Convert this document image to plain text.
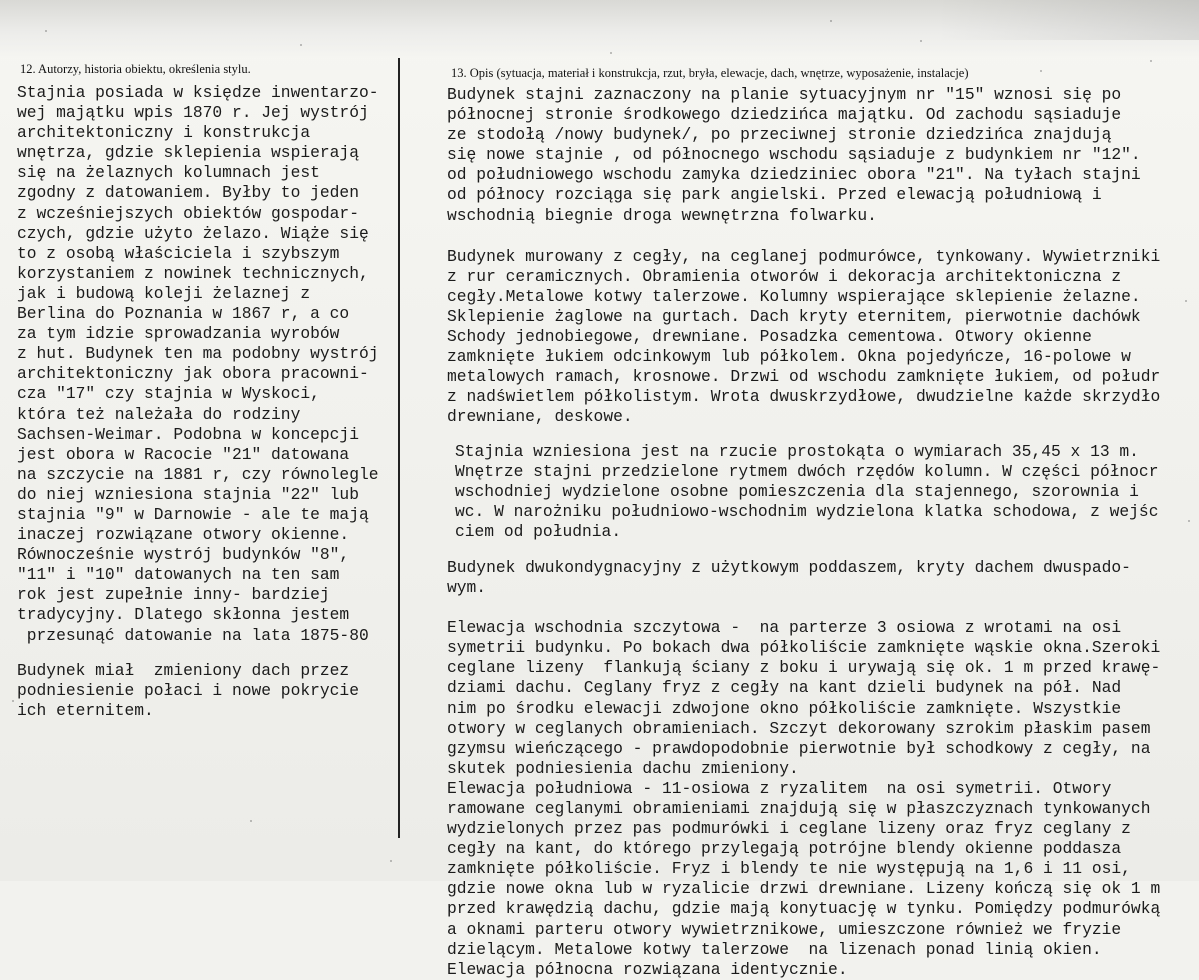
12. Autorzy, historia obiektu, określenia stylu.	13. Opis (sytuacja, materiał i konstrukcja, rzut, bryła, elewacje, dach, wnętrze, wyposażenie, instalacje)
Stajnia posiada w księdze inwentarzo-
wej majątku wpis 1870 r. Jej wystrój
architektoniczny i konstrukcja
wnętrza, gdzie sklepienia wspierają
się na żelaznych kolumnach jest
zgodny z datowaniem. Byłby to jeden
z wcześniejszych obiektów gospodar-
czych, gdzie użyto żelazo. Wiąże się
to z osobą właściciela i szybszym
korzystaniem z nowinek technicznych,
jak i budową koleji żelaznej z
Berlina do Poznania w 1867 r, a co
za tym idzie sprowadzania wyrobów
z hut. Budynek ten ma podobny wystrój
architektoniczny jak obora pracowni-
cza "17" czy stajnia w Wyskoci,
która też należała do rodziny
Sachsen-Weimar. Podobna w koncepcji
jest obora w Racocie "21" datowana
na szczycie na 1881 r, czy równolegle
do niej wzniesiona stajnia "22" lub
stajnia "9" w Darnowie - ale te mają
inaczej rozwiązane otwory okienne.
Równocześnie wystrój budynków "8",
"11" i "10" datowanych na ten sam
rok jest zupełnie inny- bardziej
tradycyjny. Dlatego skłonna jestem
przesunąć datowanie na lata 1875-80
Budynek miał  zmieniony dach przez
podniesienie połaci i nowe pokrycie
ich eternitem.
Budynek stajni zaznaczony na planie sytuacyjnym nr "15" wznosi się po
północnej stronie środkowego dziedzińca majątku. Od zachodu sąsiaduje
ze stodołą /nowy budynek/, po przeciwnej stronie dziedzińca znajdują
się nowe stajnie , od północnego wschodu sąsiaduje z budynkiem nr "12".
od południowego wschodu zamyka dziedziniec obora "21". Na tyłach stajni
od północy rozciąga się park angielski. Przed elewacją południową i
wschodnią biegnie droga wewnętrzna folwarku.
Budynek murowany z cegły, na ceglanej podmurówce, tynkowany. Wywietrzniki
z rur ceramicznych. Obramienia otworów i dekoracja architektoniczna z
cegły.Metalowe kotwy talerzowe. Kolumny wspierające sklepienie żelazne.
Sklepienie żaglowe na gurtach. Dach kryty eternitem, pierwotnie dachówk
Schody jednobiegowe, drewniane. Posadzka cementowa. Otwory okienne
zamknięte łukiem odcinkowym lub półkolem. Okna pojedyńcze, 16-polowe w
metalowych ramach, krosnowe. Drzwi od wschodu zamknięte łukiem, od połudr
z nadświetlem półkolistym. Wrota dwuskrzydłowe, dwudzielne każde skrzydło
drewniane, deskowe.
Stajnia wzniesiona jest na rzucie prostokąta o wymiarach 35,45 x 13 m.
Wnętrze stajni przedzielone rytmem dwóch rzędów kolumn. W części północr
wschodniej wydzielone osobne pomieszczenia dla stajennego, szorownia i
wc. W narożniku południowo-wschodnim wydzielona klatka schodowa, z wejśc
ciem od południa.
Budynek dwukondygnacyjny z użytkowym poddaszem, kryty dachem dwuspado-
wym.
Elewacja wschodnia szczytowa -  na parterze 3 osiowa z wrotami na osi
symetrii budynku. Po bokach dwa półkoliście zamknięte wąskie okna.Szeroki
ceglane lizeny  flankują ściany z boku i urywają się ok. 1 m przed krawę-
dziami dachu. Ceglany fryz z cegły na kant dzieli budynek na pół. Nad
nim po środku elewacji zdwojone okno półkoliście zamknięte. Wszystkie
otwory w ceglanych obramieniach. Szczyt dekorowany szrokim płaskim pasem
gzymsu wieńczącego - prawdopodobnie pierwotnie był schodkowy z cegły, na
skutek podniesienia dachu zmieniony.
Elewacja południowa - 11-osiowa z ryzalitem  na osi symetrii. Otwory
ramowane ceglanymi obramieniami znajdują się w płaszczyznach tynkowanych
wydzielonych przez pas podmurówki i ceglane lizeny oraz fryz ceglany z
cegły na kant, do którego przylegają potrójne blendy okienne poddasza
zamknięte półkoliście. Fryz i blendy te nie występują na 1,6 i 11 osi,
gdzie nowe okna lub w ryzalicie drzwi drewniane. Lizeny kończą się ok 1 m
przed krawędzią dachu, gdzie mają konytuację w tynku. Pomiędzy podmurówką
a oknami parteru otwory wywietrznikowe, umieszczone również we fryzie
dzielącym. Metalowe kotwy talerzowe  na lizenach ponad linią okien.
Elewacja północna rozwiązana identycznie.
